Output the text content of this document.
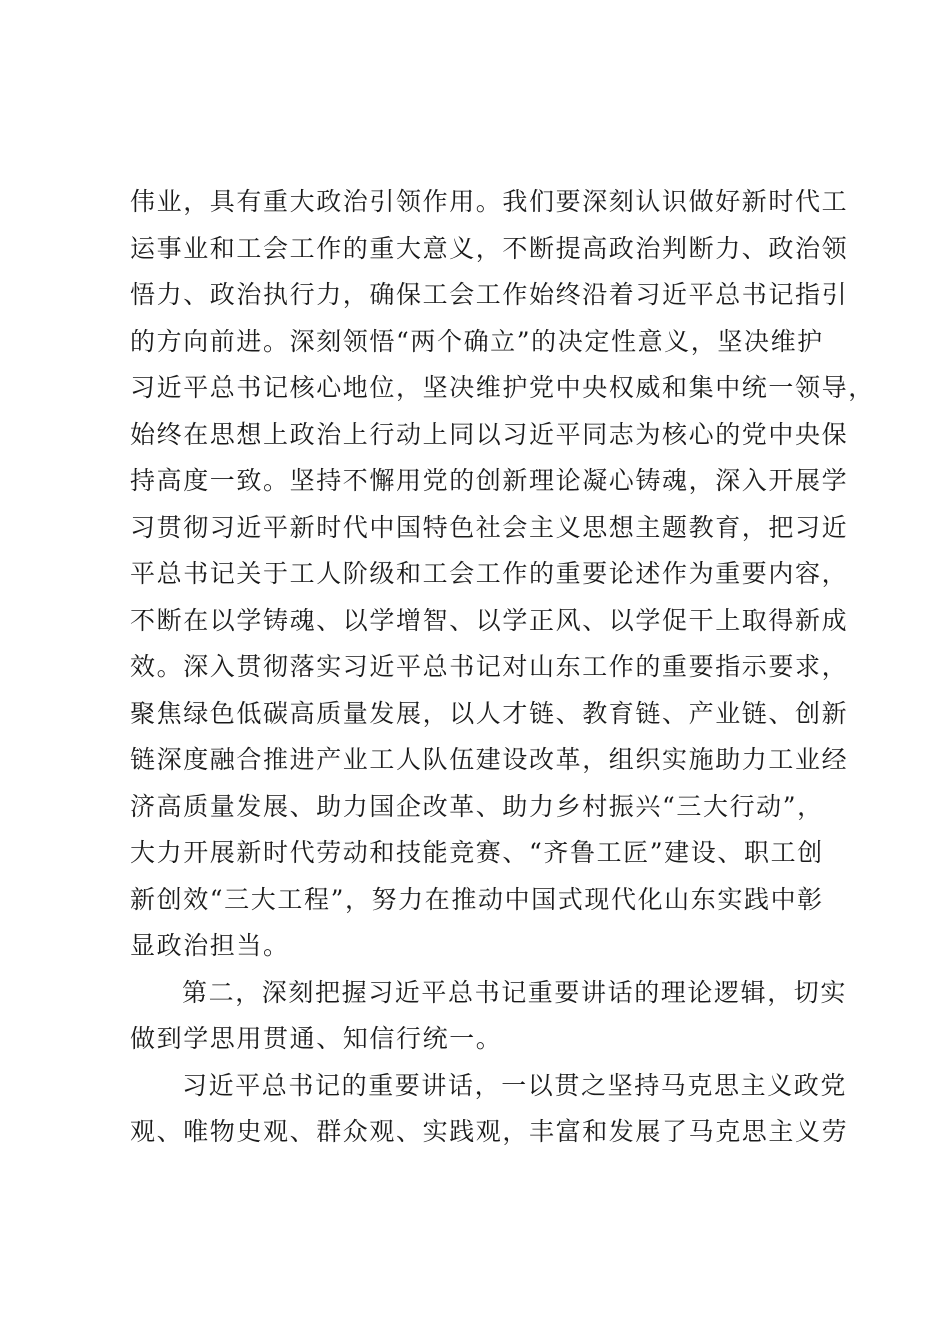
伟业，具有重大政治引领作用。我们要深刻认识做好新时代工
运事业和工会工作的重大意义，不断提高政治判断力、政治领
悟力、政治执行力，确保工会工作始终沿着习近平总书记指引
的方向前进。深刻领悟“两个确立”的决定性意义，坚决维护
习近平总书记核心地位，坚决维护党中央权威和集中统一领导，
始终在思想上政治上行动上同以习近平同志为核心的党中央保
持高度一致。坚持不懈用党的创新理论凝心铸魂，深入开展学
习贯彻习近平新时代中国特色社会主义思想主题教育，把习近
平总书记关于工人阶级和工会工作的重要论述作为重要内容，
不断在以学铸魂、以学增智、以学正风、以学促干上取得新成
效。深入贯彻落实习近平总书记对山东工作的重要指示要求，
聚焦绿色低碳高质量发展，以人才链、教育链、产业链、创新
链深度融合推进产业工人队伍建设改革，组织实施助力工业经
济高质量发展、助力国企改革、助力乡村振兴“三大行动”，
大力开展新时代劳动和技能竞赛、“齐鲁工匠”建设、职工创
新创效“三大工程”，努力在推动中国式现代化山东实践中彰
显政治担当。
第二，深刻把握习近平总书记重要讲话的理论逻辑，切实
做到学思用贯通、知信行统一。
习近平总书记的重要讲话，一以贯之坚持马克思主义政党
观、唯物史观、群众观、实践观，丰富和发展了马克思主义劳
